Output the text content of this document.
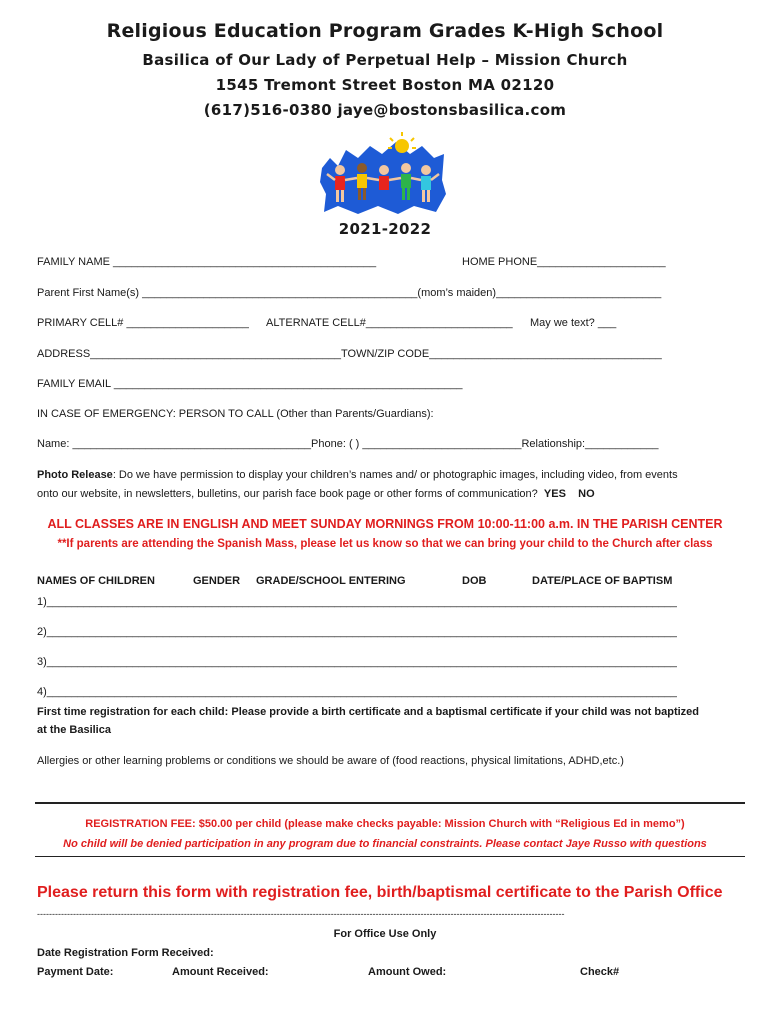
Religious Education Program Grades K-High School
Basilica of Our Lady of Perpetual Help – Mission Church
1545 Tremont Street Boston MA 02120
(617)516-0380 jaye@bostonsbasilica.com
2021-2022
FAMILY NAME ___________________________________________	HOME PHONE_____________________
Parent First Name(s) _____________________________________________(mom’s maiden)___________________________
PRIMARY CELL# ____________________ ALTERNATE CELL#________________________ May we text? ___
ADDRESS_________________________________________TOWN/ZIP CODE______________________________________
FAMILY EMAIL _________________________________________________________
IN CASE OF EMERGENCY: PERSON TO CALL (Other than Parents/Guardians):
Name: _______________________________________Phone: ( ) __________________________Relationship:____________
Photo Release: Do we have permission to display your children’s names and/ or photographic images, including video, from events
onto our website, in newsletters, bulletins, our parish face book page or other forms of communication? YES NO
ALL CLASSES ARE IN ENGLISH AND MEET SUNDAY MORNINGS FROM 10:00-11:00 a.m. IN THE PARISH CENTER
**If parents are attending the Spanish Mass, please let us know so that we can bring your child to the Church after class
NAMES OF CHILDREN	GENDER GRADE/SCHOOL ENTERING	DOB	DATE/PLACE OF BAPTISM
1)_______________________________________________________________________________________________________
2)_______________________________________________________________________________________________________
3)_______________________________________________________________________________________________________
4)_______________________________________________________________________________________________________
First time registration for each child: Please provide a birth certificate and a baptismal certificate if your child was not baptized
at the Basilica
Allergies or other learning problems or conditions we should be aware of (food reactions, physical limitations, ADHD,etc.)
REGISTRATION FEE: $50.00 per child (please make checks payable: Mission Church with “Religious Ed in memo”)
No child will be denied participation in any program due to financial constraints. Please contact Jaye Russo with questions
Please return this form with registration fee, birth/baptismal certificate to the Parish Office
--------------------------------------------------------------------------------------------------------------------------------------------------------------------------------
For Office Use Only
Date Registration Form Received:
Payment Date:	Amount Received:	Amount Owed:	Check#
